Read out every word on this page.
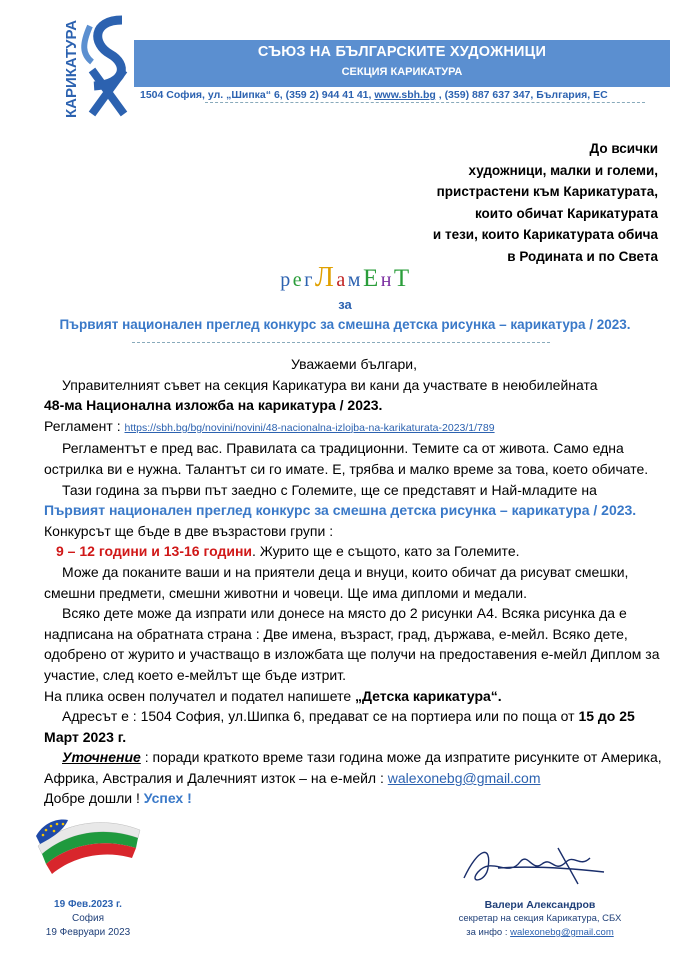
КАРИКАТУРА	СЪЮЗ НА БЪЛГАРСКИТЕ ХУДОЖНИЦИ
СЕКЦИЯ КАРИКАТУРА
1504 София, ул. „Шипка“ 6, (359 2) 944 41 41, www.sbh.bg , (359) 887 637 347, България, ЕС
До всички
художници, малки и големи,
пристрастени към Карикатурата,
които обичат Карикатурата
и тези, които Карикатурата обича
в Родината и по Света
р е гЛ а мЕ нТ
за
Първият национален преглед конкурс за смешна детска рисунка – карикатура / 2023.

Уважаеми българи,

Управителният съвет на секция Карикатура ви кани да участвате в неюбилейната

48-ма Национална изложба на карикатура / 2023.

Регламент : https://sbh.bg/bg/novini/novini/48-nacionalna-izlojba-na-karikaturata-2023/1/789

Регламентът е пред вас. Правилата са традиционни. Темите са от живота. Само една острилка ви е нужна. Талантът си го имате. Е, трябва и малко време за това, което обичате.

Тази година за първи път заедно с Големите, ще се представят и Най-младите на

Първият национален преглед конкурс за смешна детска рисунка – карикатура / 2023.

Конкурсът ще бъде в две възрастови групи :

9 – 12 години и 13-16 години. Журито ще е същото, като за Големите.

Може да поканите ваши и на приятели деца и внуци, които обичат да рисуват смешки, смешни предмети, смешни животни и човеци. Ще има дипломи и медали.

Всяко дете може да изпрати или донесе на място до 2 рисунки А4. Всяка рисунка да е надписана на обратната страна : Две имена, възраст, град, държава, е-мейл. Всяко дете, одобрено от журито и участващо в изложбата ще получи на предоставения е-мейл Диплом за участие, след което е-мейлът ще бъде изтрит.

На плика освен получател и подател напишете „Детска карикатура“.

Адресът е : 1504 София, ул.Шипка 6, предават се на портиера или по поща от 15 до 25 Март 2023 г.

Уточнение : поради краткото време тази година може да изпратите рисунките от Америка, Африка, Австралия и Далечният изток – на е-мейл : walexonebg@gmail.com

Добре дошли ! Успех !

19 Фев.2023 г.
София
19 Февруари 2023
Валери Александров
секретар на секция Карикатура, СБХ
за инфо : walexonebg@gmail.com
